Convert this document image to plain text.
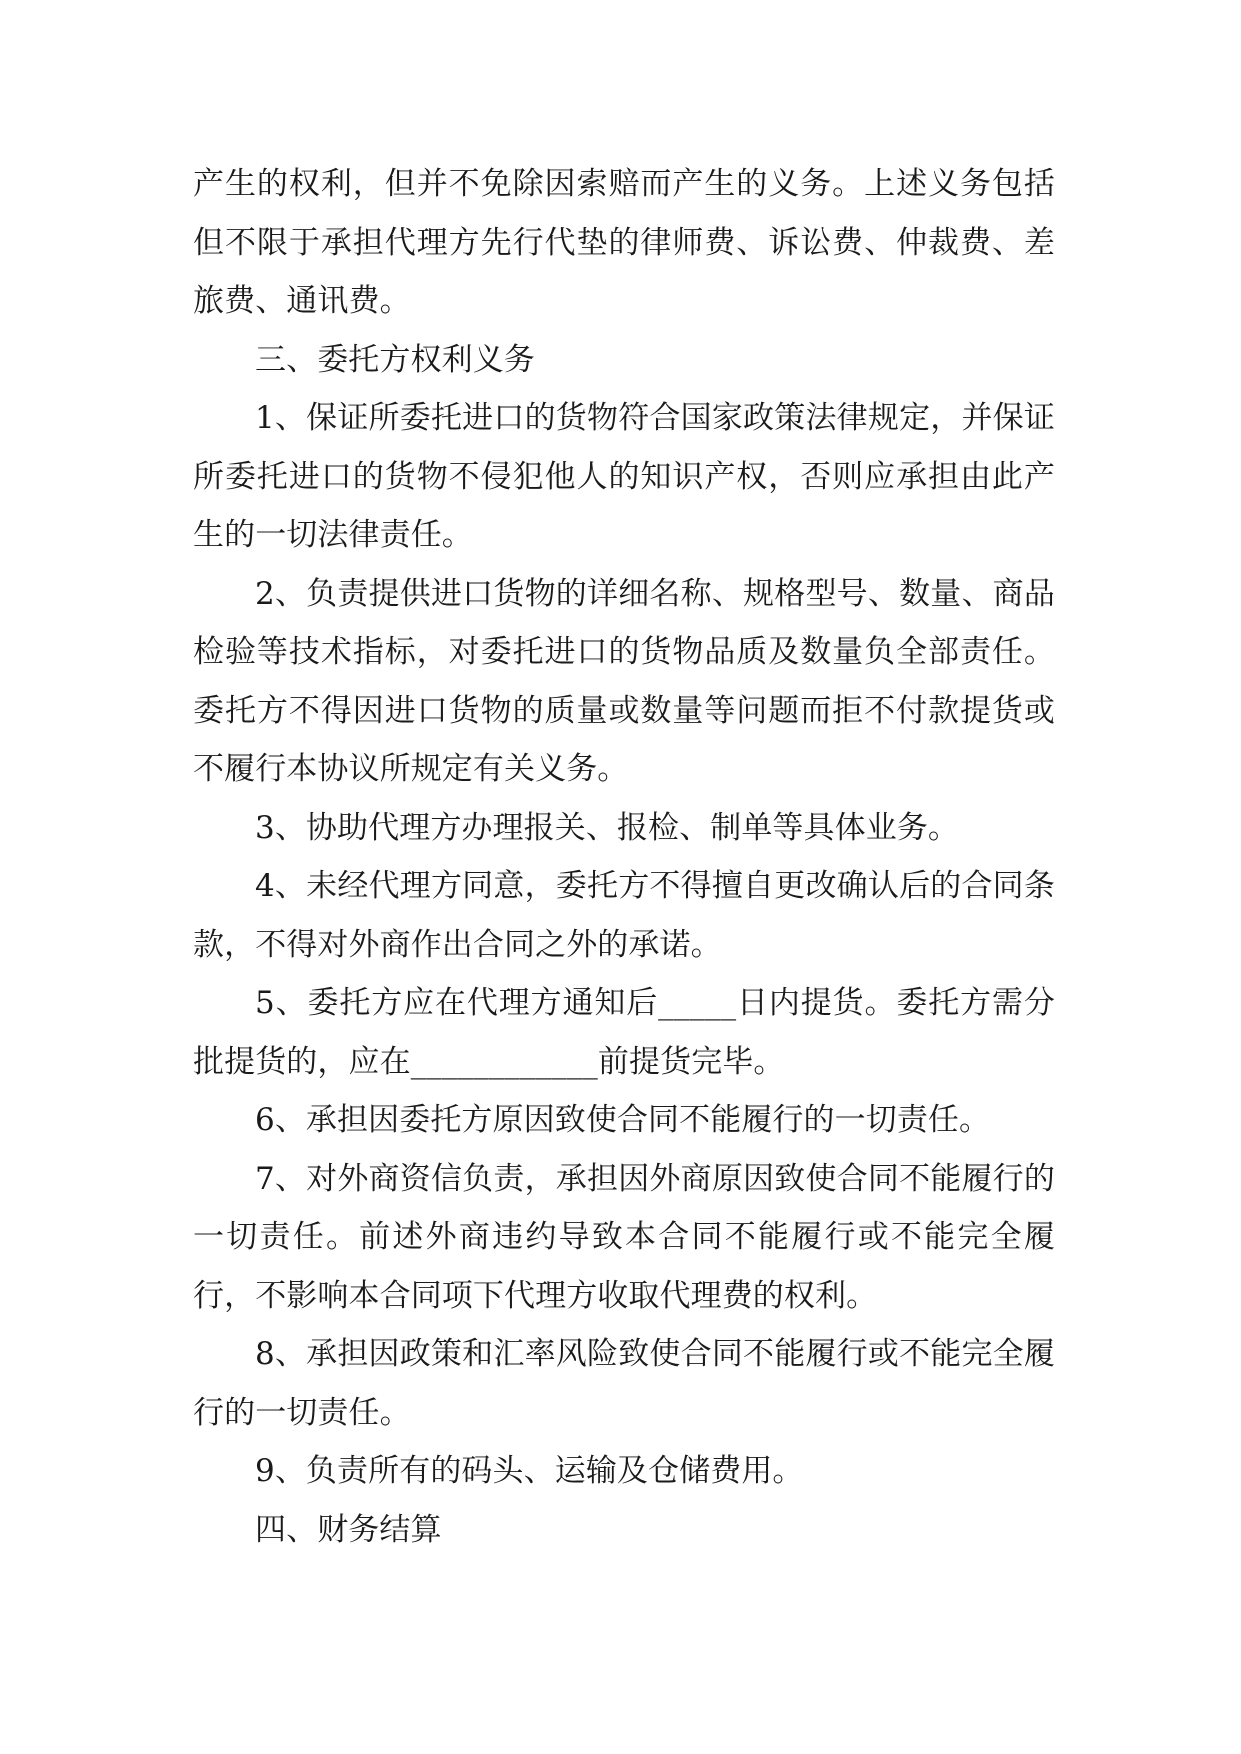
产生的权利，但并不免除因索赔而产生的义务。上述义务包括但不限于承担代理方先行代垫的律师费、诉讼费、仲裁费、差旅费、通讯费。

三、委托方权利义务

1、保证所委托进口的货物符合国家政策法律规定，并保证所委托进口的货物不侵犯他人的知识产权，否则应承担由此产生的一切法律责任。

2、负责提供进口货物的详细名称、规格型号、数量、商品检验等技术指标，对委托进口的货物品质及数量负全部责任。委托方不得因进口货物的质量或数量等问题而拒不付款提货或不履行本协议所规定有关义务。

3、协助代理方办理报关、报检、制单等具体业务。

4、未经代理方同意，委托方不得擅自更改确认后的合同条款，不得对外商作出合同之外的承诺。

5、委托方应在代理方通知后_____日内提货。委托方需分批提货的，应在____________前提货完毕。

6、承担因委托方原因致使合同不能履行的一切责任。

7、对外商资信负责，承担因外商原因致使合同不能履行的一切责任。前述外商违约导致本合同不能履行或不能完全履行，不影响本合同项下代理方收取代理费的权利。

8、承担因政策和汇率风险致使合同不能履行或不能完全履行的一切责任。

9、负责所有的码头、运输及仓储费用。

四、财务结算
